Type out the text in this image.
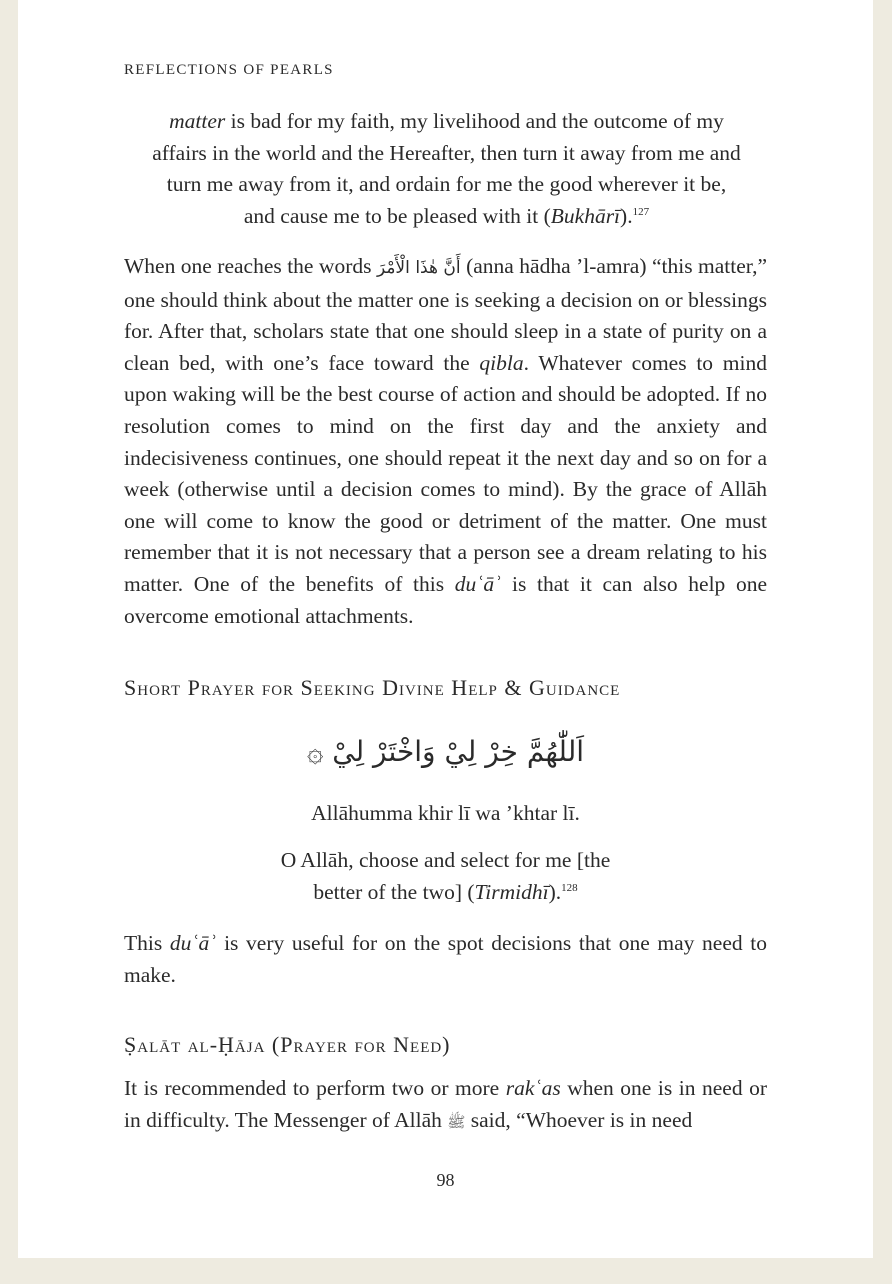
REFLECTIONS OF PEARLS
matter is bad for my faith, my livelihood and the outcome of my affairs in the world and the Hereafter, then turn it away from me and turn me away from it, and ordain for me the good wherever it be, and cause me to be pleased with it (Bukhārī).$^{127}$
When one reaches the words أَنَّ هٰذَا الْأَمْرَ (anna hādha ’l-amra) “this matter,” one should think about the matter one is seeking a decision on or blessings for. After that, scholars state that one should sleep in a state of purity on a clean bed, with one’s face toward the qibla. Whatever comes to mind upon waking will be the best course of action and should be adopted. If no resolution comes to mind on the first day and the anxiety and indecisiveness continues, one should repeat it the next day and so on for a week (otherwise until a decision comes to mind). By the grace of Allāh one will come to know the good or detriment of the matter. One must remember that it is not necessary that a person see a dream relating to his matter. One of the benefits of this duʿāʾ is that it can also help one overcome emotional attachments.
Short Prayer for Seeking Divine Help & Guidance
اَللّٰهُمَّ خِرْ لِيْ وَاخْتَرْ لِيْ ۞
Allāhumma khir lī wa ’khtar lī.
O Allāh, choose and select for me [the
better of the two] (Tirmidhī).$^{128}$
This duʿāʾ is very useful for on the spot decisions that one may need to make.
Ṣalāt al-Ḥāja (Prayer for Need)
It is recommended to perform two or more rakʿas when one is in need or in difficulty. The Messenger of Allāh ﷺ said, “Whoever is in need
98
